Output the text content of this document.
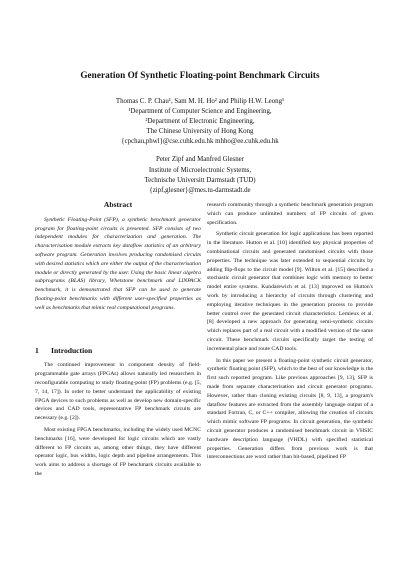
Generation Of Synthetic Floating-point Benchmark Circuits
Thomas C. P. Chau¹, Sam M. H. Ho² and Philip H.W. Leong¹
¹Department of Computer Science and Engineering,
²Department of Electronic Engineering,
The Chinese University of Hong Kong
{cpchau,phwl}@cse.cuhk.edu.hk mhho@ee.cuhk.edu.hk
Peter Zipf and Manfred Glesner
Institute of Microelectronic Systems,
Technische Universitt Darmstadt (TUD)
{zipf,glesner}@mes.tu-darmstadt.de
Abstract

Synthetic Floating-Point (SFP), a synthetic benchmark generator program for floating-point circuits is presented. SFP consists of two independent modules for characterization and generation. The characterisation module extracts key dataflow statistics of an arbitrary software program. Generation involves producing randomised circuits with desired statistics which are either the output of the characterisation module or directly generated by the user. Using the basic linear algebra subprograms (BLAS) library, Whetstone benchmark and LINPACK benchmark, it is demonstrated that SFP can be used to generate floating-point benchmarks with different user-specified properties as well as benchmarks that mimic real computational programs.

1 Introduction

The continued improvement in component density of field-programmable gate arrays (FPGAs) allows naturally led researchers in reconfigurable computing to study floating-point (FP) problems (e.g. [5, 7, 14, 17]). In order to better understand the applicability of existing FPGA devices to such problems as well as develop new domain-specific devices and CAD tools, representative FP benchmark circuits are necessary (e.g. [2]).

Most existing FPGA benchmarks, including the widely used MCNC benchmarks [16], were developed for logic circuits which are vastly different to FP circuits as, among other things, they have different operator logic, bus widths, logic depth and pipeline arrangements. This work aims to address a shortage of FP benchmark circuits available to the

research community through a synthetic benchmark generation program which can produce unlimited numbers of FP circuits of given specification.

Synthetic circuit generation for logic applications has been reported in the literature. Hutton et al. [10] identified key physical properties of combinational circuits and generated randomised circuits with those properties. The technique was later extended to sequential circuits by adding flip-flops to the circuit model [9]. Wilton et al. [15] described a stochastic circuit generator that combines logic with memory to better model entire systems. Kundarewich et al. [13] improved on Hutton's work by introducing a hierarchy of circuits through clustering and employing iterative techniques in the generation process to provide better control over the generated circuit characteristics. Lemieux et al. [8] developed a new approach for generating semi-synthetic circuits which replaces part of a real circuit with a modified version of the same circuit. These benchmark circuits specifically target the testing of incremental place and route CAD tools.

In this paper we present a floating-point synthetic circuit generator, synthetic floating point (SFP), which to the best of our knowledge is the first such reported program. Like previous approaches [9, 13], SFP is made from separate characterisation and circuit generator programs. However, rather than cloning existing circuits [8, 9, 13], a program's dataflow features are extracted from the assembly language output of a standard Fortran, C, or C++ compiler, allowing the creation of circuits which mimic software FP programs. In circuit generation, the synthetic circuit generator produces a randomised benchmark circuit in VHSIC hardware description language (VHDL) with specified statistical properties. Generation differs from previous work is that interconnections are word rather than bit-based, pipelined FP
